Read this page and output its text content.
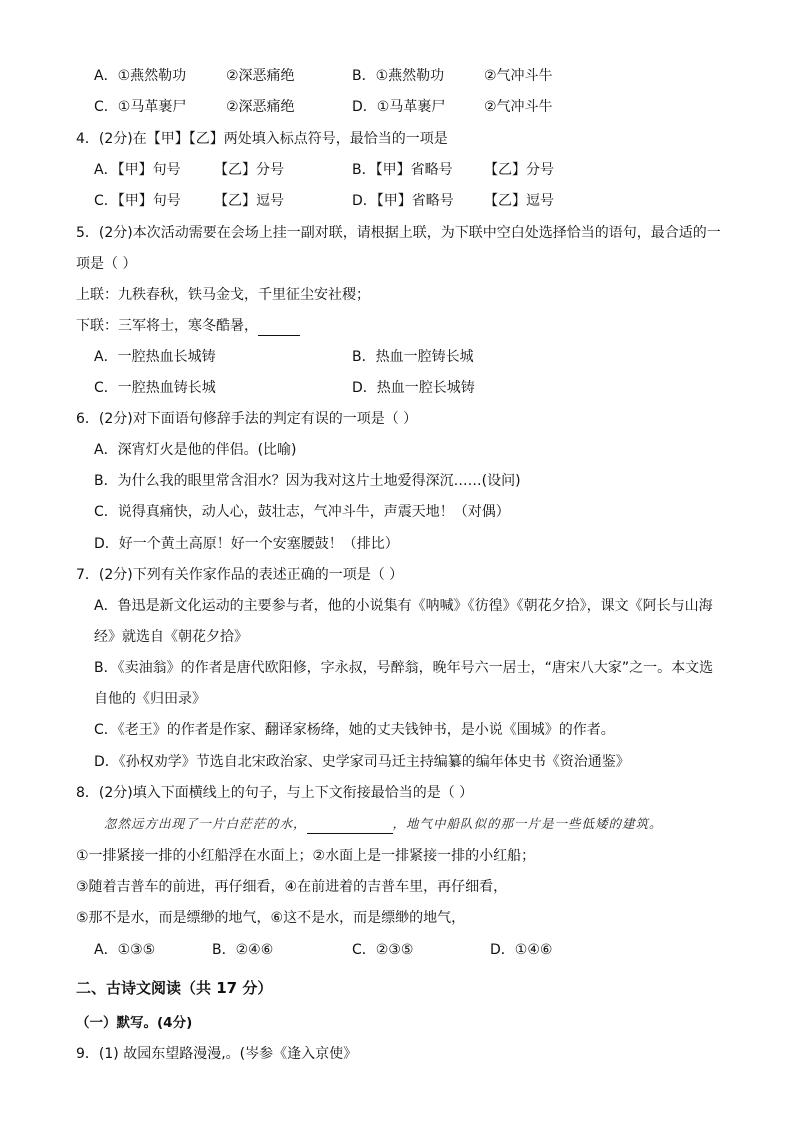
A．①燕然勒功	②深恶痛绝	B．①燕然勒功	②气冲斗牛
C．①马革裹尸	②深恶痛绝	D．①马革裹尸	②气冲斗牛
4．(2分)在【甲】【乙】两处填入标点符号，最恰当的一项是
A．【甲】句号 【乙】分号	B．【甲】省略号 【乙】分号
C．【甲】句号 【乙】逗号	D．【甲】省略号 【乙】逗号
5．(2分)本次活动需要在会场上挂一副对联，请根据上联，为下联中空白处选择恰当的语句，最合适的一
项是（ ）
上联：九秩春秋，铁马金戈，千里征尘安社稷；
下联：三军将士，寒冬酷暑，
A．一腔热血长城铸	B．热血一腔铸长城
C．一腔热血铸长城	D．热血一腔长城铸
6．(2分)对下面语句修辞手法的判定有误的一项是（ ）
A．深宵灯火是他的伴侣。(比喻)
B．为什么我的眼里常含泪水？因为我对这片土地爱得深沉……(设问)
C．说得真痛快，动人心，鼓壮志，气冲斗牛，声震天地！（对偶）
D．好一个黄土高原！好一个安塞腰鼓！（排比）
7．(2分)下列有关作家作品的表述正确的一项是（ ）
A．鲁迅是新文化运动的主要参与者，他的小说集有《呐喊》《彷徨》《朝花夕拾》，课文《阿长与山海
经》就选自《朝花夕拾》
B．《卖油翁》的作者是唐代欧阳修，字永叔，号醉翁，晚年号六一居士，“唐宋八大家”之一。本文选
自他的《归田录》
C．《老王》的作者是作家、翻译家杨绛，她的丈夫钱钟书，是小说《围城》的作者。
D．《孙权劝学》节选自北宋政治家、史学家司马迁主持编纂的编年体史书《资治通鉴》
8．(2分)填入下面横线上的句子，与上下文衔接最恰当的是（ ）
忽然远方出现了一片白茫茫的水，	，地气中船队似的那一片是一些低矮的建筑。
①一排紧接一排的小红船浮在水面上；②水面上是一排紧接一排的小红船；
③随着吉普车的前进，再仔细看，④在前进着的吉普车里，再仔细看，
⑤那不是水，而是缥缈的地气，⑥这不是水，而是缥缈的地气，
A．①③⑤	B．②④⑥	C．②③⑤	D．①④⑥
二、古诗文阅读（共 17 分）
（一）默写。(4分)
9．(1) 故园东望路漫漫,。(岑参《逢入京使》
